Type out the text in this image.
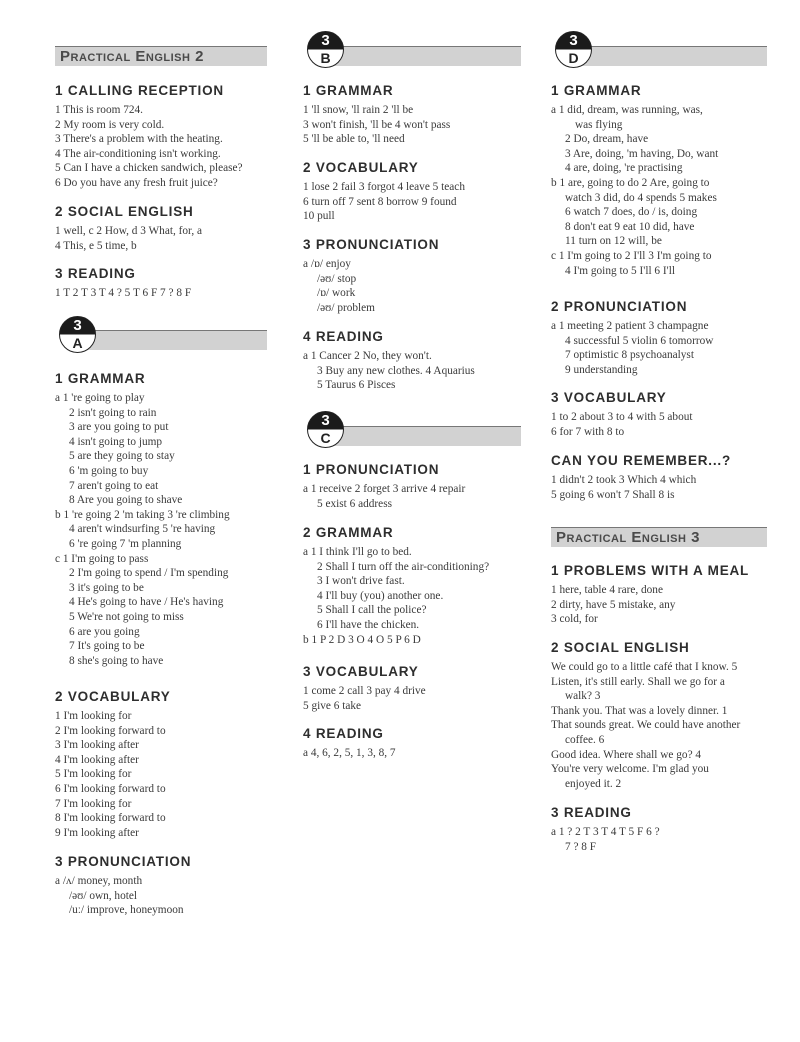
Practical English 2
1 CALLING RECEPTION
1 This is room 724.
2 My room is very cold.
3 There's a problem with the heating.
4 The air-conditioning isn't working.
5 Can I have a chicken sandwich, please?
6 Do you have any fresh fruit juice?
2 SOCIAL ENGLISH
1 well, c 2 How, d 3 What, for, a
4 This, e 5 time, b
3 READING
1 T 2 T 3 T 4 ? 5 T 6 F 7 ? 8 F
3
A
1 GRAMMAR
a 1 're going to play
2 isn't going to rain
3 are you going to put
4 isn't going to jump
5 are they going to stay
6 'm going to buy
7 aren't going to eat
8 Are you going to shave
b 1 're going 2 'm taking 3 're climbing
4 aren't windsurfing 5 're having
6 're going 7 'm planning
c 1 I'm going to pass
2 I'm going to spend / I'm spending
3 it's going to be
4 He's going to have / He's having
5 We're not going to miss
6 are you going
7 It's going to be
8 she's going to have
2 VOCABULARY
1 I'm looking for
2 I'm looking forward to
3 I'm looking after
4 I'm looking after
5 I'm looking for
6 I'm looking forward to
7 I'm looking for
8 I'm looking forward to
9 I'm looking after
3 PRONUNCIATION
a /ʌ/ money, month
/əʊ/ own, hotel
/uː/ improve, honeymoon
3
B
1 GRAMMAR
1 'll snow, 'll rain 2 'll be
3 won't finish, 'll be 4 won't pass
5 'll be able to, 'll need
2 VOCABULARY
1 lose 2 fail 3 forgot 4 leave 5 teach
6 turn off 7 sent 8 borrow 9 found
10 pull
3 PRONUNCIATION
a /ɒ/ enjoy
/əʊ/ stop
/ɒ/ work
/əʊ/ problem
4 READING
a 1 Cancer 2 No, they won't.
3 Buy any new clothes. 4 Aquarius
5 Taurus 6 Pisces
3
C
1 PRONUNCIATION
a 1 receive 2 forget 3 arrive 4 repair
5 exist 6 address
2 GRAMMAR
a 1 I think I'll go to bed.
2 Shall I turn off the air-conditioning?
3 I won't drive fast.
4 I'll buy (you) another one.
5 Shall I call the police?
6 I'll have the chicken.
b 1 P 2 D 3 O 4 O 5 P 6 D
3 VOCABULARY
1 come 2 call 3 pay 4 drive
5 give 6 take
4 READING
a 4, 6, 2, 5, 1, 3, 8, 7
3
D
1 GRAMMAR
a 1 did, dream, was running, was,
was flying
2 Do, dream, have
3 Are, doing, 'm having, Do, want
4 are, doing, 're practising
b 1 are, going to do 2 Are, going to
watch 3 did, do 4 spends 5 makes
6 watch 7 does, do / is, doing
8 don't eat 9 eat 10 did, have
11 turn on 12 will, be
c 1 I'm going to 2 I'll 3 I'm going to
4 I'm going to 5 I'll 6 I'll
2 PRONUNCIATION
a 1 meeting 2 patient 3 champagne
4 successful 5 violin 6 tomorrow
7 optimistic 8 psychoanalyst
9 understanding
3 VOCABULARY
1 to 2 about 3 to 4 with 5 about
6 for 7 with 8 to
CAN YOU REMEMBER...?
1 didn't 2 took 3 Which 4 which
5 going 6 won't 7 Shall 8 is
Practical English 3
1 PROBLEMS WITH A MEAL
1 here, table 4 rare, done
2 dirty, have 5 mistake, any
3 cold, for
2 SOCIAL ENGLISH
We could go to a little café that I know. 5
Listen, it's still early. Shall we go for a
walk? 3
Thank you. That was a lovely dinner. 1
That sounds great. We could have another
coffee. 6
Good idea. Where shall we go? 4
You're very welcome. I'm glad you
enjoyed it. 2
3 READING
a 1 ? 2 T 3 T 4 T 5 F 6 ?
7 ? 8 F
